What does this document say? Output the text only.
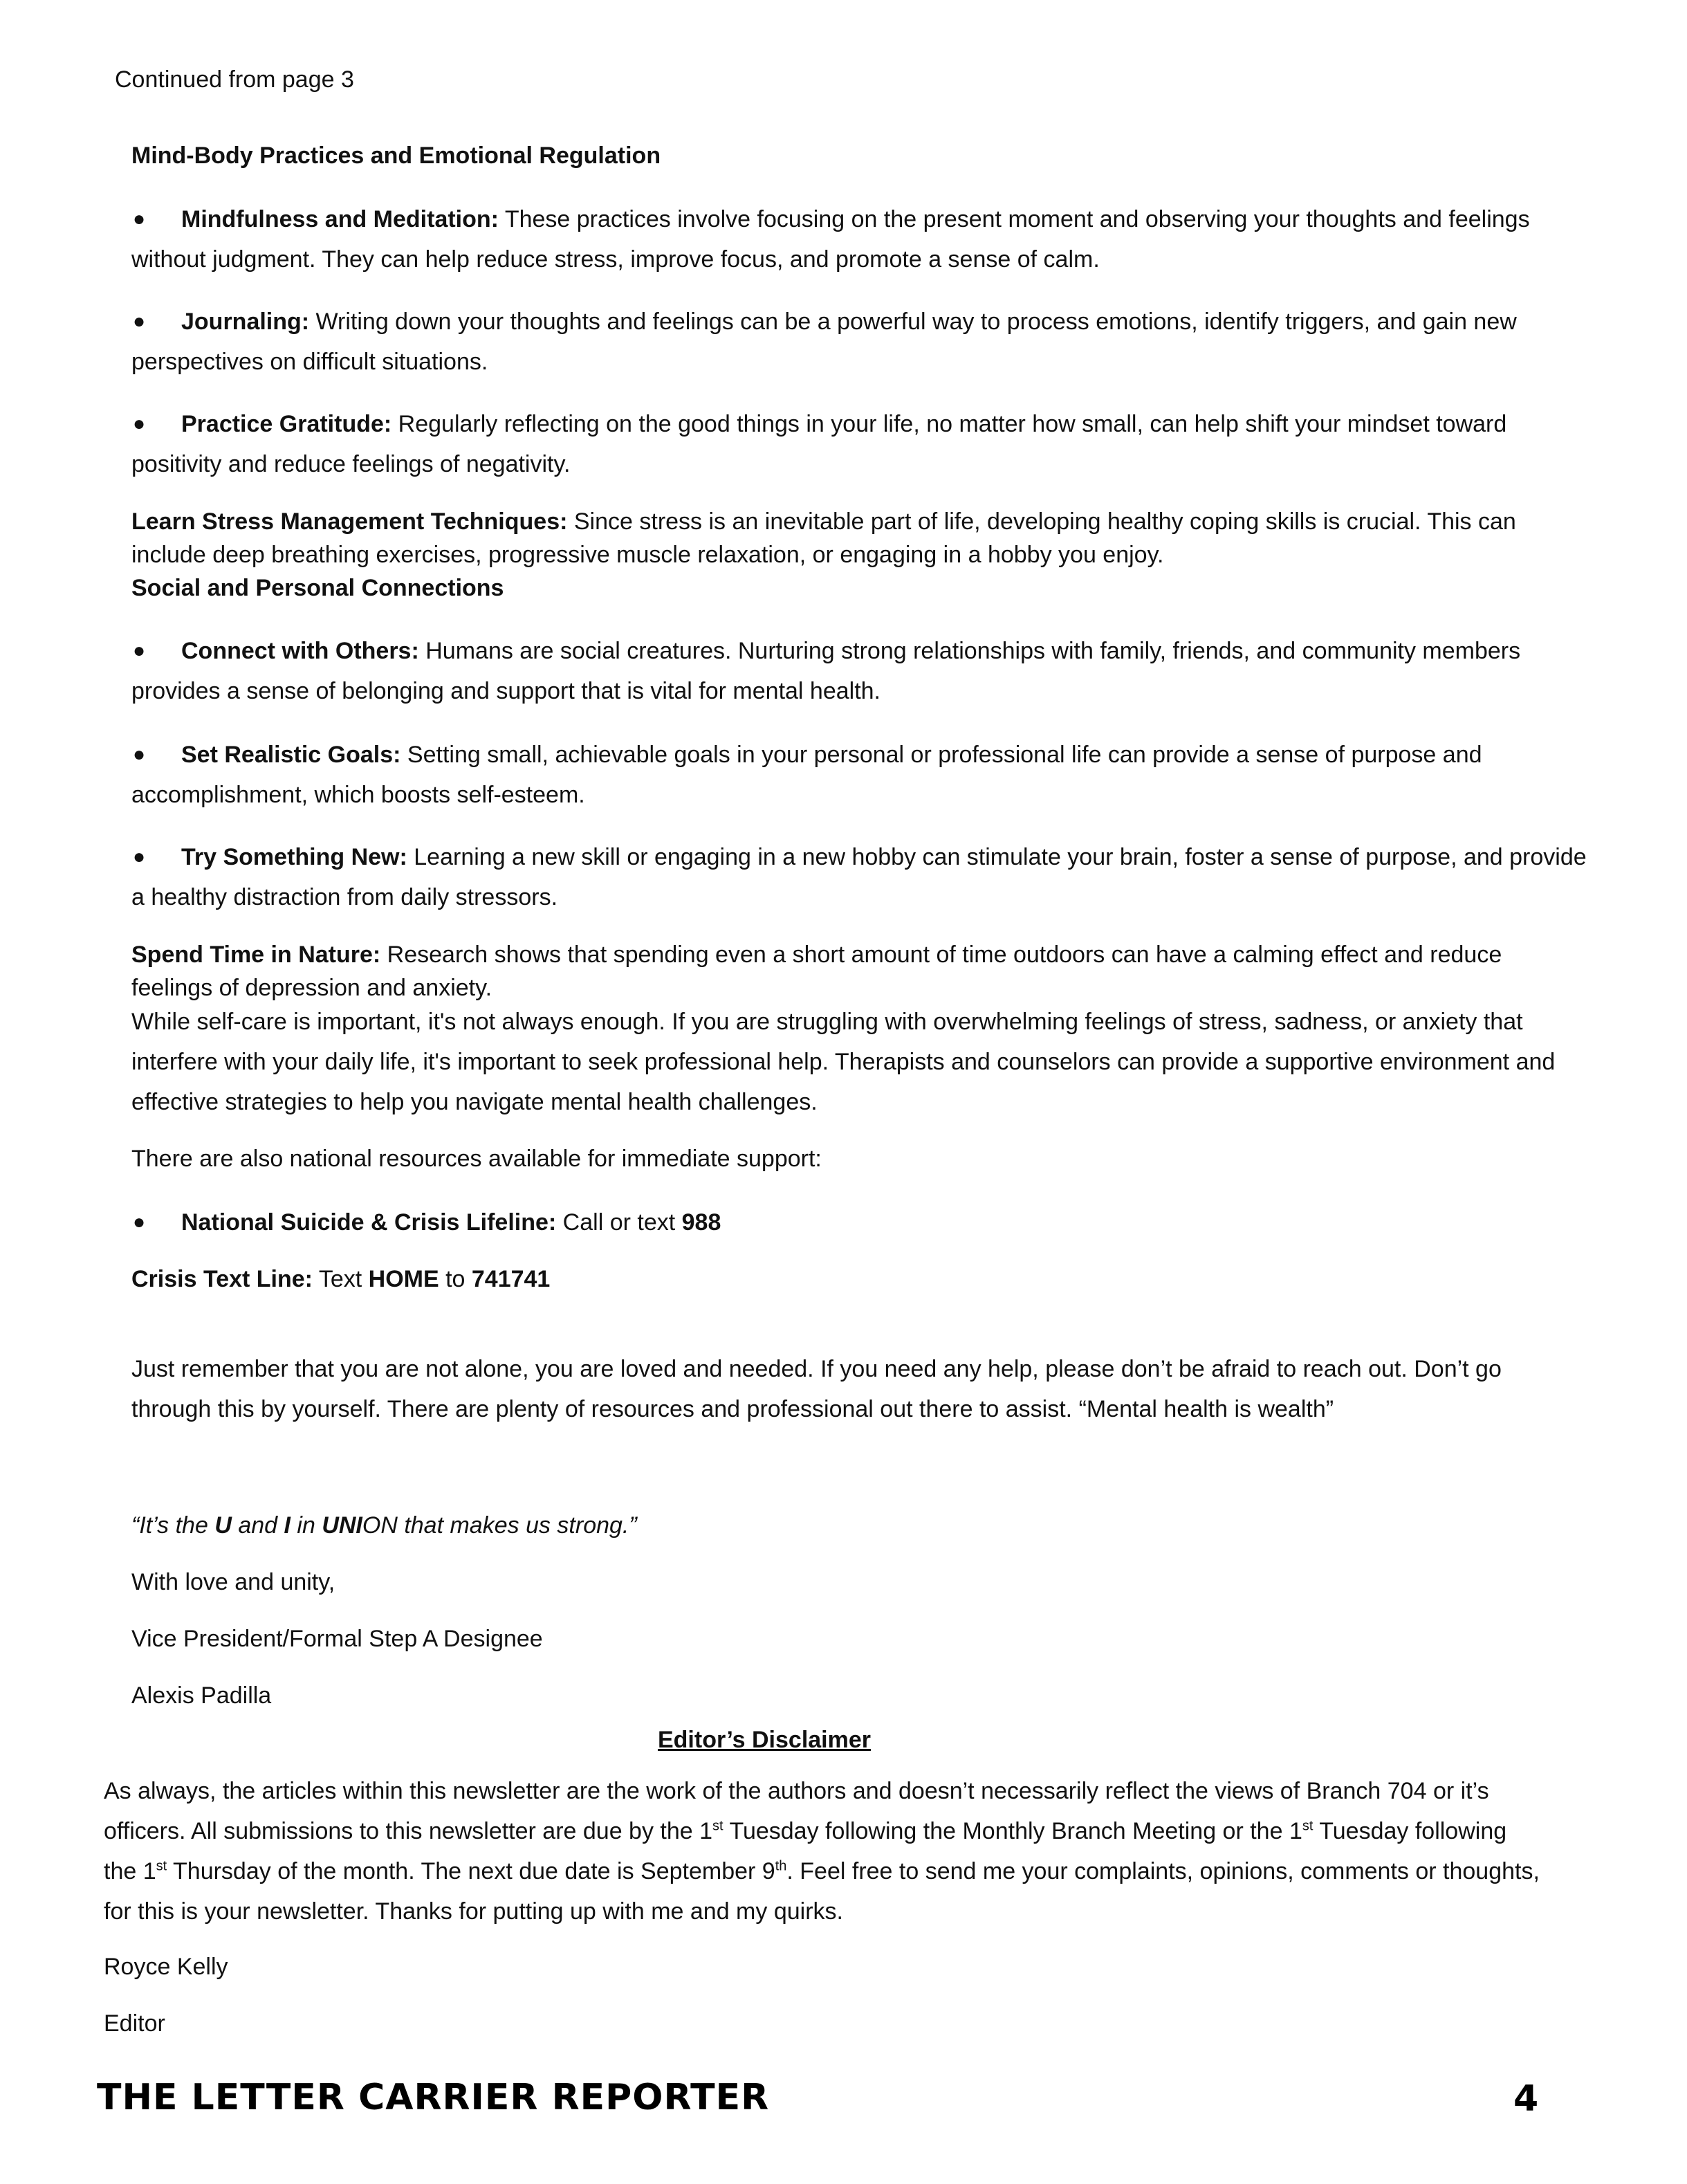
Continued from page 3
Mind-Body Practices and Emotional Regulation
●	Mindfulness and Meditation: These practices involve focusing on the present moment and observing your thoughts and feelings without judgment. They can help reduce stress, improve focus, and promote a sense of calm.
●	Journaling: Writing down your thoughts and feelings can be a powerful way to process emotions, identify triggers, and gain new perspectives on difficult situations.
●	Practice Gratitude: Regularly reflecting on the good things in your life, no matter how small, can help shift your mindset toward positivity and reduce feelings of negativity.
Learn Stress Management Techniques: Since stress is an inevitable part of life, developing healthy coping skills is crucial. This can include deep breathing exercises, progressive muscle relaxation, or engaging in a hobby you enjoy.
Social and Personal Connections
●	Connect with Others: Humans are social creatures. Nurturing strong relationships with family, friends, and community members provides a sense of belonging and support that is vital for mental health.
●	Set Realistic Goals: Setting small, achievable goals in your personal or professional life can provide a sense of purpose and accomplishment, which boosts self-esteem.
●	Try Something New: Learning a new skill or engaging in a new hobby can stimulate your brain, foster a sense of purpose, and provide a healthy distraction from daily stressors.
Spend Time in Nature: Research shows that spending even a short amount of time outdoors can have a calming effect and reduce feelings of depression and anxiety.
While self-care is important, it's not always enough. If you are struggling with overwhelming feelings of stress, sadness, or anxiety that interfere with your daily life, it's important to seek professional help. Therapists and counselors can provide a supportive environment and effective strategies to help you navigate mental health challenges.
There are also national resources available for immediate support:
●	National Suicide & Crisis Lifeline: Call or text 988
Crisis Text Line: Text HOME to 741741
Just remember that you are not alone, you are loved and needed. If you need any help, please don’t be afraid to reach out. Don’t go through this by yourself. There are plenty of resources and professional out there to assist. “Mental health is wealth”
“It’s the U and I in UNION that makes us strong.”
With love and unity,
Vice President/Formal Step A Designee
Alexis Padilla
Editor’s Disclaimer
As always, the articles within this newsletter are the work of the authors and doesn’t necessarily reflect the views of Branch 704 or it’s officers. All submissions to this newsletter are due by the 1st Tuesday following the Monthly Branch Meeting or the 1st Tuesday following the 1st Thursday of the month. The next due date is September 9th. Feel free to send me your complaints, opinions, comments or thoughts, for this is your newsletter. Thanks for putting up with me and my quirks.
Royce Kelly
Editor
THE LETTER CARRIER REPORTER	4
